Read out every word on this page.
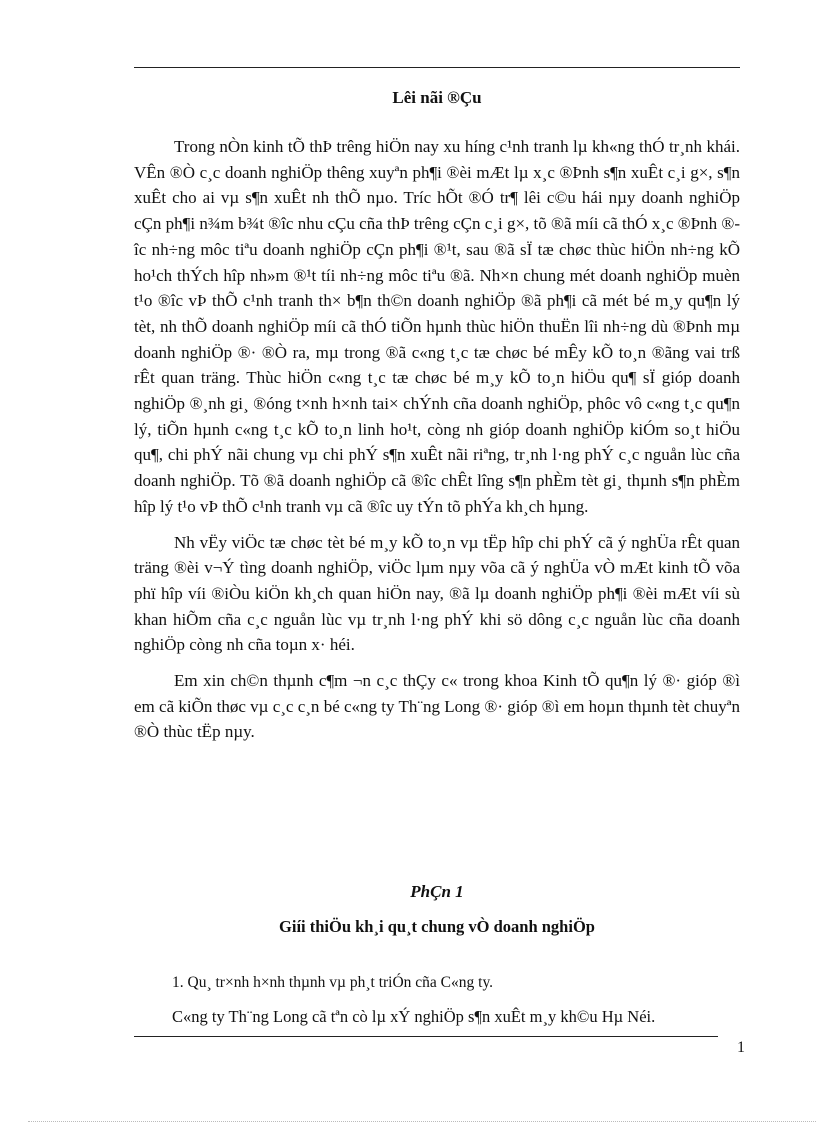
Lêi nãi ®Çu

Trong nÒn kinh tÕ thÞ trêng hiÖn nay xu híng c¹nh tranh lµ kh«ng thÓ tr¸nh khái. VÊn ®Ò c¸c doanh nghiÖp thêng xuyªn ph¶i ®èi mÆt lµ x¸c ®Þnh s¶n xuÊt c¸i g×, s¶n xuÊt cho ai vµ s¶n xuÊt nh thÕ nµo. Tríc hÕt ®Ó tr¶ lêi c©u hái nµy doanh nghiÖp cÇn ph¶i n¾m b¾t ®îc nhu cÇu cña thÞ trêng cÇn c¸i g×, tõ ®ã míi cã thÓ x¸c ®Þnh ®îc nh÷ng môc tiªu doanh nghiÖp cÇn ph¶i ®¹t, sau ®ã sÏ tæ chøc thùc hiÖn nh÷ng kÕ ho¹ch thÝch hîp nh»m ®¹t tíi nh÷ng môc tiªu ®ã. Nh×n chung mét doanh nghiÖp muèn t¹o ®îc vÞ thÕ c¹nh tranh th× b¶n th©n doanh nghiÖp ®ã ph¶i cã mét bé m¸y qu¶n lý tèt, nh thÕ doanh nghiÖp míi cã thÓ tiÕn hµnh thùc hiÖn thuËn lîi nh÷ng dù ®Þnh mµ doanh nghiÖp ®· ®Ò ra, mµ trong ®ã c«ng t¸c tæ chøc bé mÊy kÕ to¸n ®ãng vai trß rÊt quan träng. Thùc hiÖn c«ng t¸c tæ chøc bé m¸y kÕ to¸n hiÖu qu¶ sÏ gióp doanh nghiÖp ®¸nh gi¸ ®óng t×nh h×nh tai× chÝnh cña doanh nghiÖp, phôc vô c«ng t¸c qu¶n lý, tiÕn hµnh c«ng t¸c kÕ to¸n linh ho¹t, còng nh gióp doanh nghiÖp kiÓm so¸t hiÖu qu¶, chi phÝ nãi chung vµ chi phÝ s¶n xuÊt nãi riªng, tr¸nh l·ng phÝ c¸c nguån lùc cña doanh nghiÖp. Tõ ®ã doanh nghiÖp cã ®îc chÊt lîng s¶n phÈm tèt gi¸ thµnh s¶n phÈm hîp lý t¹o vÞ thÕ c¹nh tranh vµ cã ®îc uy tÝn tõ phÝa kh¸ch hµng.

Nh vËy viÖc tæ chøc tèt bé m¸y kÕ to¸n vµ tËp hîp chi phÝ cã ý nghÜa rÊt quan träng ®èi v¬Ý tìng doanh nghiÖp, viÖc lµm nµy võa cã ý nghÜa vÒ mÆt kinh tÕ võa phï hîp víi ®iÒu kiÖn kh¸ch quan hiÖn nay, ®ã lµ doanh nghiÖp ph¶i ®èi mÆt víi sù khan hiÕm cña c¸c nguån lùc vµ tr¸nh l·ng phÝ khi sö dông c¸c nguån lùc cña doanh nghiÖp còng nh cña toµn x· héi.

Em xin ch©n thµnh c¶m ¬n c¸c thÇy c« trong khoa Kinh tÕ qu¶n lý ®· gióp ®ì em cã kiÕn thøc vµ c¸c c¸n bé c«ng ty Th¨ng Long ®· gióp ®ì em hoµn thµnh tèt chuyªn ®Ò thùc tËp nµy.

PhÇn 1
Giíi thiÖu kh¸i qu¸t chung vÒ doanh nghiÖp
1. Qu¸ tr×nh h×nh thµnh vµ ph¸t triÓn cña C«ng ty.
C«ng ty Th¨ng Long cã tªn cò lµ xÝ nghiÖp s¶n xuÊt m¸y kh©u Hµ Néi.
1
